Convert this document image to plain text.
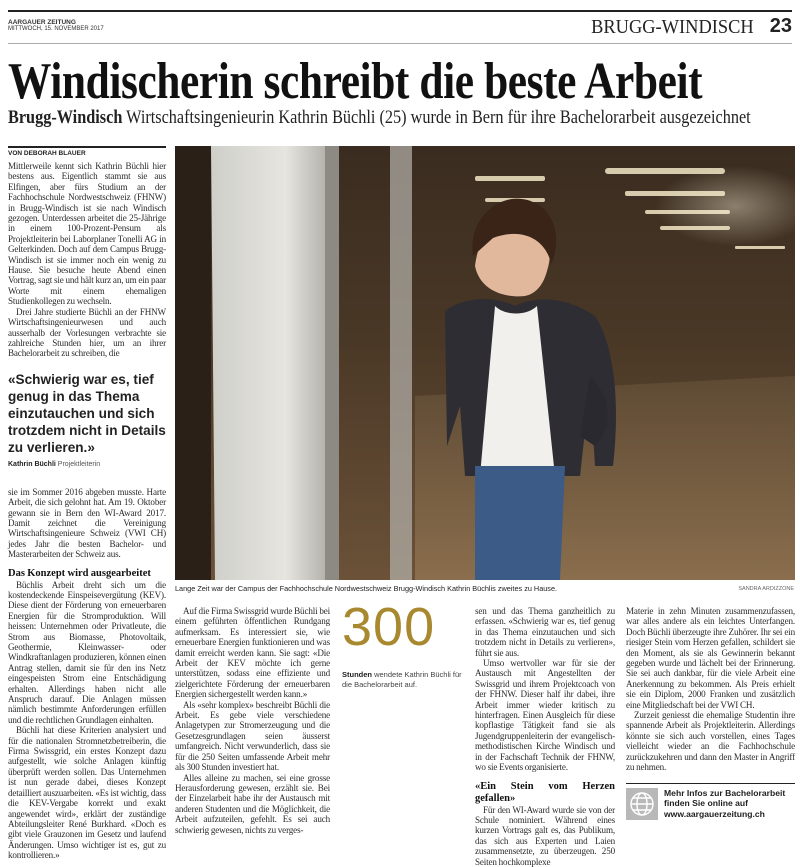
AARGAUER ZEITUNG
MITTWOCH, 15. NOVEMBER 2017	BRUGG-WINDISCH 23
Windischerin schreibt die beste Arbeit
Brugg-Windisch Wirtschaftsingenieurin Kathrin Büchli (25) wurde in Bern für ihre Bachelorarbeit ausgezeichnet
VON DEBORAH BLAUER

Mittlerweile kennt sich Kathrin Büchli hier bestens aus. Eigentlich stammt sie aus Elfingen, aber fürs Studium an der Fachhochschule Nordwestschweiz (FHNW) in Brugg-Windisch ist sie nach Windisch gezogen. Unterdessen arbeitet die 25-Jährige in einem 100-Prozent-Pensum als Projektleiterin bei Laborplaner Tonelli AG in Gelterkinden. Doch auf dem Campus Brugg-Windisch ist sie immer noch ein wenig zu Hause. Sie besuche heute Abend einen Vortrag, sagt sie und hält kurz an, um ein paar Worte mit einem ehemaligen Studienkollegen zu wechseln.

Drei Jahre studierte Büchli an der FHNW Wirtschaftsingenieurwesen und auch ausserhalb der Vorlesungen verbrachte sie zahlreiche Stunden hier, um an ihrer Bachelorarbeit zu schreiben, die

«Schwierig war es, tief genug in das Thema einzutauchen und sich trotzdem nicht in Details zu verlieren.»
Kathrin Büchli Projektleiterin

sie im Sommer 2016 abgeben musste. Harte Arbeit, die sich gelohnt hat. Am 19. Oktober gewann sie in Bern den WI-Award 2017. Damit zeichnet die Vereinigung Wirtschaftsingenieure Schweiz (VWI CH) jedes Jahr die besten Bachelor- und Masterarbeiten der Schweiz aus.

Das Konzept wird ausgearbeitet

Büchlis Arbeit dreht sich um die kostendeckende Einspeisevergütung (KEV). Diese dient der Förderung von erneuerbaren Energien für die Stromproduktion. Will heissen: Unternehmen oder Privatleute, die Strom aus Biomasse, Photovoltaik, Geothermie, Kleinwasser- oder Windkraftanlagen produzieren, können einen Antrag stellen, damit sie für den ins Netz eingespeisten Strom eine Entschädigung erhalten. Allerdings haben nicht alle Anspruch darauf. Die Anlagen müssen nämlich bestimmte Anforderungen erfüllen und die rechtlichen Grundlagen einhalten.

Büchli hat diese Kriterien analysiert und für die nationalen Stromnetzbetreiberin, die Firma Swissgrid, ein erstes Konzept dazu aufgestellt, wie solche Anlagen künftig überprüft werden sollen. Das Unternehmen ist nun gerade dabei, dieses Konzept detailliert auszuarbeiten. «Es ist wichtig, dass die KEV-Vergabe korrekt und exakt angewendet wird», erklärt der zuständige Abteilungsleiter René Burkhard. «Doch es gibt viele Grauzonen im Gesetz und laufend Änderungen. Umso wichtiger ist es, gut zu kontrollieren.»

Lange Zeit war der Campus der Fachhochschule Nordwestschweiz Brugg-Windisch Kathrin Büchlis zweites zu Hause.	SANDRA ARDIZZONE

Auf die Firma Swissgrid wurde Büchli bei einem geführten öffentlichen Rundgang aufmerksam. Es interessiert sie, wie erneuerbare Energien funktionieren und was damit erreicht werden kann. Sie sagt: «Die Arbeit der KEV möchte ich gerne unterstützen, sodass eine effiziente und zielgerichtete Förderung der erneuerbaren Energien sichergestellt werden kann.»

Als «sehr komplex» beschreibt Büchli die Arbeit. Es gebe viele verschiedene Anlagetypen zur Stromerzeugung und die Gesetzesgrundlagen seien äusserst umfangreich. Nicht verwunderlich, dass sie für die 250 Seiten umfassende Arbeit mehr als 300 Stunden investiert hat.

Alles alleine zu machen, sei eine grosse Herausforderung gewesen, erzählt sie. Bei der Einzelarbeit habe ihr der Austausch mit anderen Studenten und die Möglichkeit, die Arbeit aufzuteilen, gefehlt. Es sei auch schwierig gewesen, nichts zu verges-

300
Stunden wendete Kathrin Büchli für die Bachelorarbeit auf.

sen und das Thema ganzheitlich zu erfassen. «Schwierig war es, tief genug in das Thema einzutauchen und sich trotzdem nicht in Details zu verlieren», führt sie aus.

Umso wertvoller war für sie der Austausch mit Angestellten der Swissgrid und ihrem Projektcoach von der FHNW. Dieser half ihr dabei, ihre Arbeit immer wieder kritisch zu hinterfragen. Einen Ausgleich für diese kopflastige Tätigkeit fand sie als Jugendgruppenleiterin der evangelisch-methodistischen Kirche Windisch und in der Fachschaft Technik der FHNW, wo sie Events organisierte.

«Ein Stein vom Herzen gefallen»

Für den WI-Award wurde sie von der Schule nominiert. Während eines kurzen Vortrags galt es, das Publikum, das sich aus Experten und Laien zusammensetzte, zu überzeugen. 250 Seiten hochkomplexe

Materie in zehn Minuten zusammenzufassen, war alles andere als ein leichtes Unterfangen. Doch Büchli überzeugte ihre Zuhörer. Ihr sei ein riesiger Stein vom Herzen gefallen, schildert sie den Moment, als sie als Gewinnerin bekannt gegeben wurde und lächelt bei der Erinnerung. Sie sei auch dankbar, für die viele Arbeit eine Anerkennung zu bekommen. Als Preis erhielt sie ein Diplom, 2000 Franken und zusätzlich eine Mitgliedschaft bei der VWI CH.

Zurzeit geniesst die ehemalige Studentin ihre spannende Arbeit als Projektleiterin. Allerdings könnte sie sich auch vorstellen, eines Tages vielleicht wieder an die Fachhochschule zurückzukehren und dann den Master in Angriff zu nehmen.

Mehr Infos zur Bachelorarbeit
finden Sie online auf
www.aargauerzeitung.ch
